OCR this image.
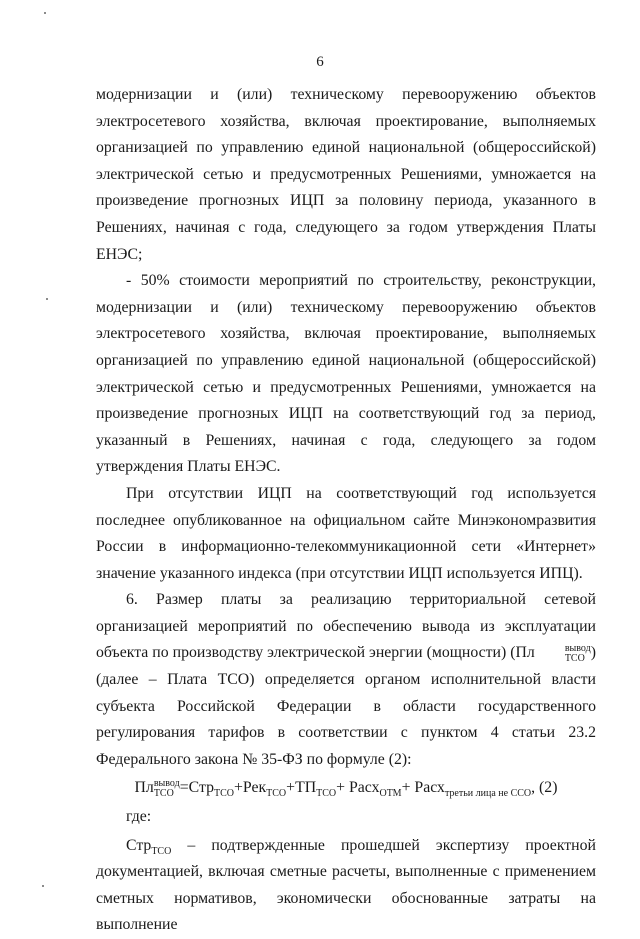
6

модернизации и (или) техническому перевооружению объектов электросетевого хозяйства, включая проектирование, выполняемых организацией по управлению единой национальной (общероссийской) электрической сетью и предусмотренных Решениями, умножается на произведение прогнозных ИЦП за половину периода, указанного в Решениях, начиная с года, следующего за годом утверждения Платы ЕНЭС;

- 50% стоимости мероприятий по строительству, реконструкции, модернизации и (или) техническому перевооружению объектов электросетевого хозяйства, включая проектирование, выполняемых организацией по управлению единой национальной (общероссийской) электрической сетью и предусмотренных Решениями, умножается на произведение прогнозных ИЦП на соответствующий год за период, указанный в Решениях, начиная с года, следующего за годом утверждения Платы ЕНЭС.

При отсутствии ИЦП на соответствующий год используется последнее опубликованное на официальном сайте Минэкономразвития России в информационно-телекоммуникационной сети «Интернет» значение указанного индекса (при отсутствии ИЦП используется ИПЦ).

6. Размер платы за реализацию территориальной сетевой организацией мероприятий по обеспечению вывода из эксплуатации объекта по производству электрической энергии (мощности) (Пл	вывод
ТСО ) (далее – Плата ТСО) определяется органом исполнительной власти субъекта Российской Федерации в области государственного регулирования тарифов в соответствии с пунктом 4 статьи 23.2 Федерального закона № 35-ФЗ по формуле (2):

Пл вывод
ТСО $=Стр_{ТСО}+Рек_{ТСО}+ТП_{ТСО}+$ Расх$_{ОТМ}$+ Расх$_{третьи лица не ССО}$, (2)

где:

Стр$_{ТСО}$ – подтвержденные прошедшей экспертизу проектной документацией, включая сметные расчеты, выполненные с применением сметных нормативов, экономически обоснованные затраты на выполнение
